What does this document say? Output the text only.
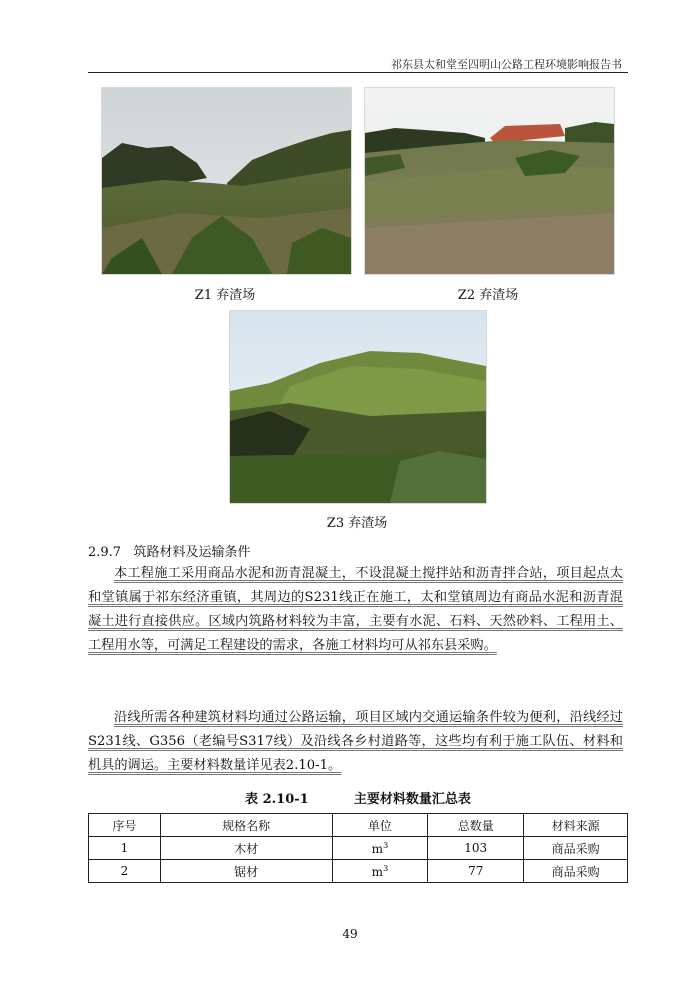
祁东县太和堂至四明山公路工程环境影响报告书
Z1 弃渣场	Z2 弃渣场
Z3 弃渣场
2.9.7   筑路材料及运输条件

本工程施工采用商品水泥和沥青混凝土，不设混凝土搅拌站和沥青拌合站，项目起点太和堂镇属于祁东经济重镇，其周边的S231线正在施工，太和堂镇周边有商品水泥和沥青混凝土进行直接供应。区域内筑路材料较为丰富，主要有水泥、石料、天然砂料、工程用土、工程用水等，可满足工程建设的需求，各施工材料均可从祁东县采购。

沿线所需各种建筑材料均通过公路运输，项目区域内交通运输条件较为便利，沿线经过S231线、G356（老编号S317线）及沿线各乡村道路等，这些均有利于施工队伍、材料和机具的调运。主要材料数量详见表2.10-1。

表 2.10-1          主要材料数量汇总表
序号	规格名称	单位	总数量	材料来源
1	木材	$m^3$	103	商品采购
2	锯材	$m^3$	77	商品采购
49
